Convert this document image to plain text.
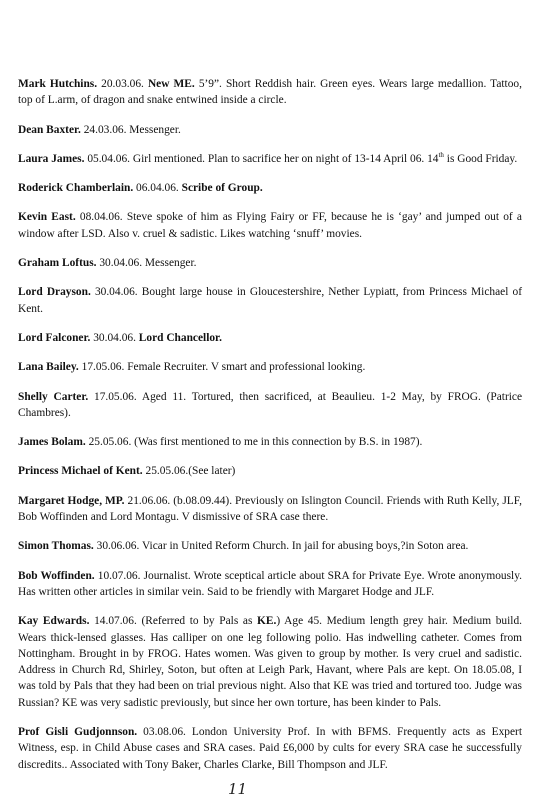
Mark Hutchins. 20.03.06. New ME. 5’9”. Short Reddish hair. Green eyes. Wears large medallion. Tattoo, top of L.arm, of dragon and snake entwined inside a circle.

Dean Baxter. 24.03.06. Messenger.

Laura James. 05.04.06. Girl mentioned. Plan to sacrifice her on night of 13-14 April 06. 14th is Good Friday.

Roderick Chamberlain. 06.04.06. Scribe of Group.

Kevin East. 08.04.06. Steve spoke of him as Flying Fairy or FF, because he is ‘gay’ and jumped out of a window after LSD. Also v. cruel & sadistic. Likes watching ‘snuff’ movies.

Graham Loftus. 30.04.06. Messenger.

Lord Drayson. 30.04.06. Bought large house in Gloucestershire, Nether Lypiatt, from Princess Michael of Kent.

Lord Falconer. 30.04.06. Lord Chancellor.

Lana Bailey. 17.05.06. Female Recruiter. V smart and professional looking.

Shelly Carter. 17.05.06. Aged 11. Tortured, then sacrificed, at Beaulieu. 1-2 May, by FROG. (Patrice Chambres).

James Bolam. 25.05.06. (Was first mentioned to me in this connection by B.S. in 1987).

Princess Michael of Kent. 25.05.06.(See later)

Margaret Hodge, MP. 21.06.06. (b.08.09.44). Previously on Islington Council. Friends with Ruth Kelly, JLF, Bob Woffinden and Lord Montagu. V dismissive of SRA case there.

Simon Thomas. 30.06.06. Vicar in United Reform Church. In jail for abusing boys,?in Soton area.

Bob Woffinden. 10.07.06. Journalist. Wrote sceptical article about SRA for Private Eye. Wrote anonymously. Has written other articles in similar vein. Said to be friendly with Margaret Hodge and JLF.

Kay Edwards. 14.07.06. (Referred to by Pals as KE.) Age 45. Medium length grey hair. Medium build. Wears thick-lensed glasses. Has calliper on one leg following polio. Has indwelling catheter. Comes from Nottingham. Brought in by FROG. Hates women. Was given to group by mother. Is very cruel and sadistic. Address in Church Rd, Shirley, Soton, but often at Leigh Park, Havant, where Pals are kept. On 18.05.08, I was told by Pals that they had been on trial previous night. Also that KE was tried and tortured too. Judge was Russian? KE was very sadistic previously, but since her own torture, has been kinder to Pals.

Prof Gisli Gudjonnson. 03.08.06. London University Prof. In with BFMS. Frequently acts as Expert Witness, esp. in Child Abuse cases and SRA cases. Paid £6,000 by cults for every SRA case he successfully discredits.. Associated with Tony Baker, Charles Clarke, Bill Thompson and JLF.

11
